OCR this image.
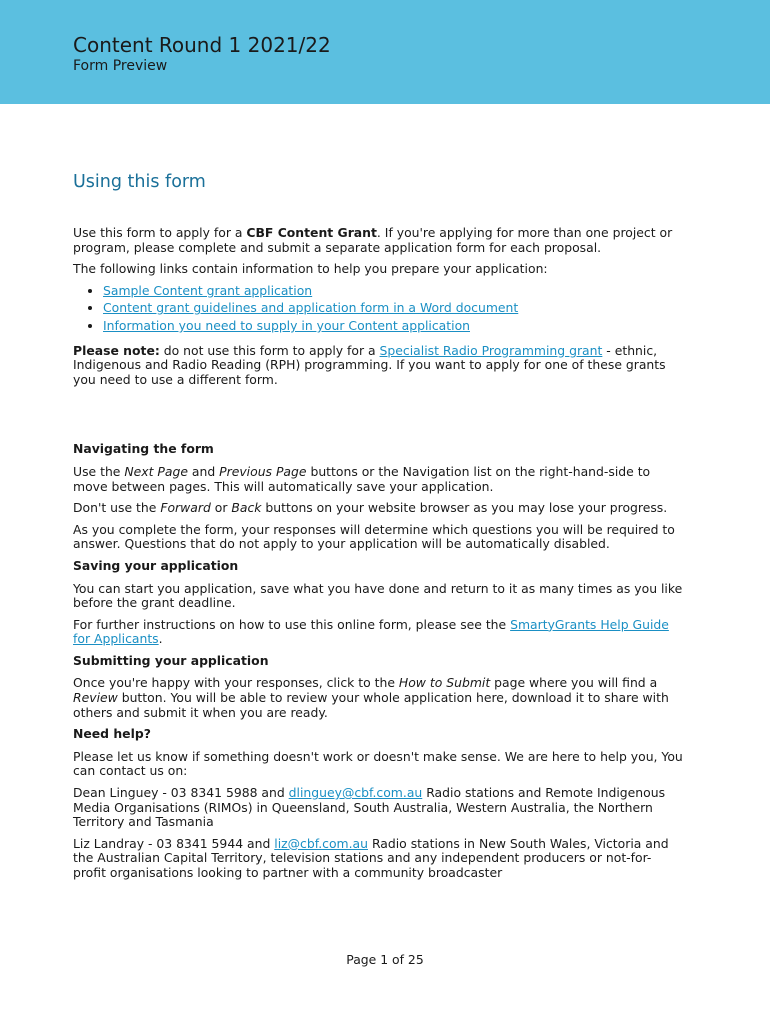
Content Round 1 2021/22
Form Preview
Using this form

Use this form to apply for a CBF Content Grant. If you're applying for more than one project or program, please complete and submit a separate application form for each proposal.

The following links contain information to help you prepare your application:

• Sample Content grant application
• Content grant guidelines and application form in a Word document
• Information you need to supply in your Content application

Please note: do not use this form to apply for a Specialist Radio Programming grant - ethnic, Indigenous and Radio Reading (RPH) programming. If you want to apply for one of these grants you need to use a different form.

Navigating the form

Use the Next Page and Previous Page buttons or the Navigation list on the right-hand-side to move between pages. This will automatically save your application.

Don't use the Forward or Back buttons on your website browser as you may lose your progress.

As you complete the form, your responses will determine which questions you will be required to answer. Questions that do not apply to your application will be automatically disabled.

Saving your application

You can start you application, save what you have done and return to it as many times as you like before the grant deadline.

For further instructions on how to use this online form, please see the SmartyGrants Help Guide for Applicants.

Submitting your application

Once you're happy with your responses, click to the How to Submit page where you will find a Review button. You will be able to review your whole application here, download it to share with others and submit it when you are ready.

Need help?

Please let us know if something doesn't work or doesn't make sense. We are here to help you, You can contact us on:

Dean Linguey - 03 8341 5988 and dlinguey@cbf.com.au Radio stations and Remote Indigenous Media Organisations (RIMOs) in Queensland, South Australia, Western Australia, the Northern Territory and Tasmania

Liz Landray - 03 8341 5944 and liz@cbf.com.au Radio stations in New South Wales, Victoria and the Australian Capital Territory, television stations and any independent producers or not-for-profit organisations looking to partner with a community broadcaster

Page 1 of 25
